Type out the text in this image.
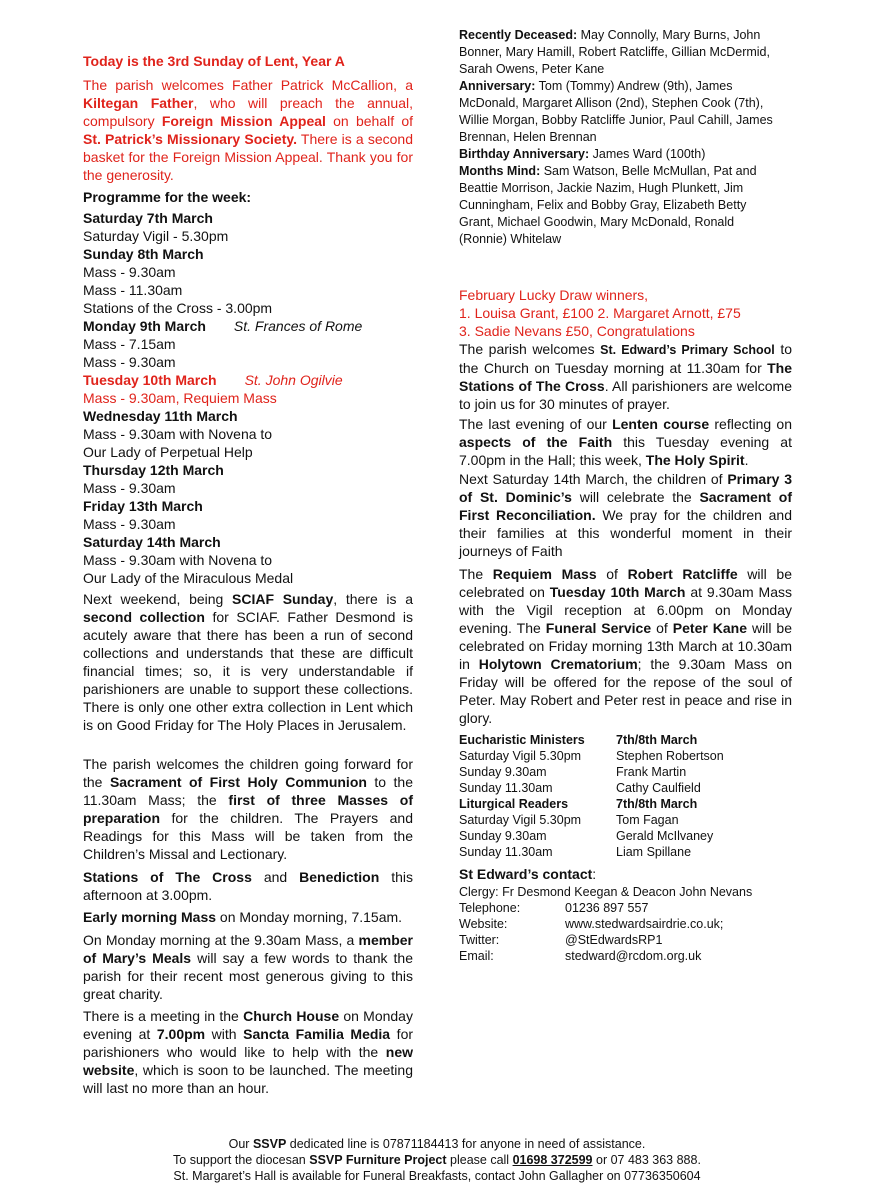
Today is the 3rd Sunday of Lent, Year A

The parish welcomes Father Patrick McCallion, a Kiltegan Father, who will preach the annual, compulsory Foreign Mission Appeal on behalf of St. Patrick’s Missionary Society. There is a second basket for the Foreign Mission Appeal. Thank you for the generosity.

Programme for the week:
Saturday 7th March
Saturday Vigil - 5.30pm
Sunday 8th March
Mass - 9.30am
Mass - 11.30am
Stations of the Cross - 3.00pm
Monday 9th March St. Frances of Rome
Mass - 7.15am
Mass - 9.30am
Tuesday 10th March St. John Ogilvie
Mass - 9.30am, Requiem Mass
Wednesday 11th March
Mass - 9.30am with Novena to
Our Lady of Perpetual Help
Thursday 12th March
Mass - 9.30am
Friday 13th March
Mass - 9.30am
Saturday 14th March
Mass - 9.30am with Novena to
Our Lady of the Miraculous Medal

Next weekend, being SCIAF Sunday, there is a second collection for SCIAF. Father Desmond is acutely aware that there has been a run of second collections and understands that these are difficult financial times; so, it is very understandable if parishioners are unable to support these collections. There is only one other extra collection in Lent which is on Good Friday for The Holy Places in Jerusalem.

The parish welcomes the children going forward for the Sacrament of First Holy Communion to the 11.30am Mass; the first of three Masses of preparation for the children. The Prayers and Readings for this Mass will be taken from the Children’s Missal and Lectionary.

Stations of The Cross and Benediction this afternoon at 3.00pm.

Early morning Mass on Monday morning, 7.15am.

On Monday morning at the 9.30am Mass, a member of Mary’s Meals will say a few words to thank the parish for their recent most generous giving to this great charity.

There is a meeting in the Church House on Monday evening at 7.00pm with Sancta Familia Media for parishioners who would like to help with the new website, which is soon to be launched. The meeting will last no more than an hour.

Recently Deceased: May Connolly, Mary Burns, John Bonner, Mary Hamill, Robert Ratcliffe, Gillian McDermid, Sarah Owens, Peter Kane

Anniversary: Tom (Tommy) Andrew (9th), James McDonald, Margaret Allison (2nd), Stephen Cook (7th), Willie Morgan, Bobby Ratcliffe Junior, Paul Cahill, James Brennan, Helen Brennan

Birthday Anniversary: James Ward (100th)

Months Mind: Sam Watson, Belle McMullan, Pat and Beattie Morrison, Jackie Nazim, Hugh Plunkett, Jim Cunningham, Felix and Bobby Gray, Elizabeth Betty Grant, Michael Goodwin, Mary McDonald, Ronald (Ronnie) Whitelaw

February Lucky Draw winners,
1. Louisa Grant, £100 2. Margaret Arnott, £75
3. Sadie Nevans £50, Congratulations

The parish welcomes St. Edward’s Primary School to the Church on Tuesday morning at 11.30am for The Stations of The Cross. All parishioners are welcome to join us for 30 minutes of prayer.

The last evening of our Lenten course reflecting on aspects of the Faith this Tuesday evening at 7.00pm in the Hall; this week, The Holy Spirit.

Next Saturday 14th March, the children of Primary 3 of St. Dominic’s will celebrate the Sacrament of First Reconciliation. We pray for the children and their families at this wonderful moment in their journeys of Faith

The Requiem Mass of Robert Ratcliffe will be celebrated on Tuesday 10th March at 9.30am Mass with the Vigil reception at 6.00pm on Monday evening. The Funeral Service of Peter Kane will be celebrated on Friday morning 13th March at 10.30am in Holytown Crematorium; the 9.30am Mass on Friday will be offered for the repose of the soul of Peter. May Robert and Peter rest in peace and rise in glory.

Eucharistic Ministers	7th/8th March
Saturday Vigil 5.30pm	Stephen Robertson
Sunday 9.30am	Frank Martin
Sunday 11.30am	Cathy Caulfield
Liturgical Readers	7th/8th March
Saturday Vigil 5.30pm	Tom Fagan
Sunday 9.30am	Gerald McIlvaney
Sunday 11.30am	Liam Spillane
St Edward’s contact:
Clergy: Fr Desmond Keegan & Deacon John Nevans
Telephone:	01236 897 557
Website:	www.stedwardsairdrie.co.uk;
Twitter:	@StEdwardsRP1
Email:	stedward@rcdom.org.uk
Our SSVP dedicated line is 07871184413 for anyone in need of assistance.
To support the diocesan SSVP Furniture Project please call 01698 372599 or 07 483 363 888.
St. Margaret’s Hall is available for Funeral Breakfasts, contact John Gallagher on 07736350604
